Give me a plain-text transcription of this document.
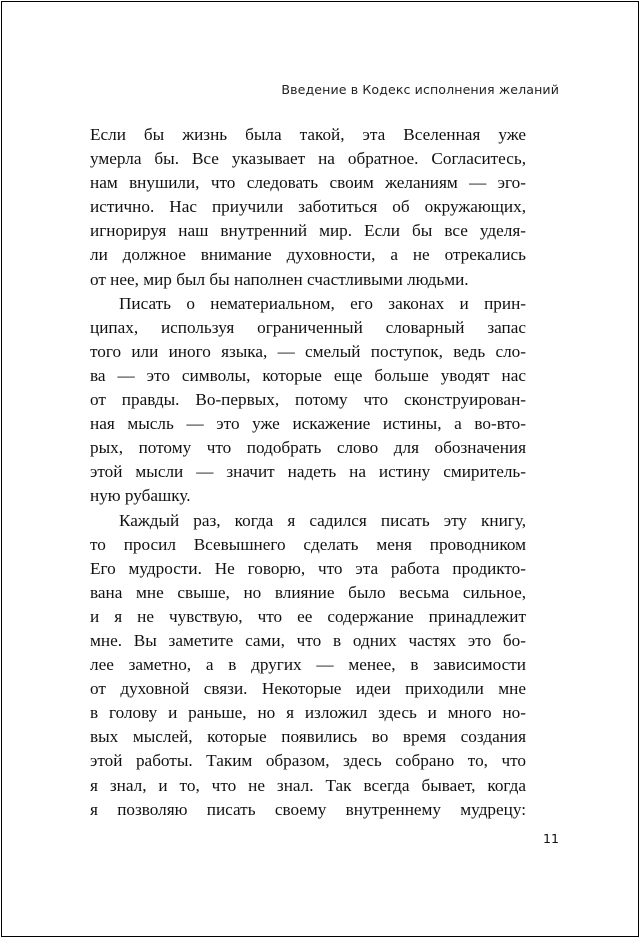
Введение в Кодекс исполнения желаний
Если бы жизнь была такой, эта Вселенная уже
умерла бы. Все указывает на обратное. Согласитесь,
нам внушили, что следовать своим желаниям — эго-
истично. Нас приучили заботиться об окружающих,
игнорируя наш внутренний мир. Если бы все уделя-
ли должное внимание духовности, а не отрекались
от нее, мир был бы наполнен счастливыми людьми.
Писать о нематериальном, его законах и прин-
ципах, используя ограниченный словарный запас
того или иного языка, — смелый поступок, ведь сло-
ва — это символы, которые еще больше уводят нас
от правды. Во-первых, потому что сконструирован-
ная мысль — это уже искажение истины, а во-вто-
рых, потому что подобрать слово для обозначения
этой мысли — значит надеть на истину смиритель-
ную рубашку.
Каждый раз, когда я садился писать эту книгу,
то просил Всевышнего сделать меня проводником
Его мудрости. Не говорю, что эта работа продикто-
вана мне свыше, но влияние было весьма сильное,
и я не чувствую, что ее содержание принадлежит
мне. Вы заметите сами, что в одних частях это бо-
лее заметно, а в других — менее, в зависимости
от духовной связи. Некоторые идеи приходили мне
в голову и раньше, но я изложил здесь и много но-
вых мыслей, которые появились во время создания
этой работы. Таким образом, здесь собрано то, что
я знал, и то, что не знал. Так всегда бывает, когда
я позволяю писать своему внутреннему мудрецу:
11
